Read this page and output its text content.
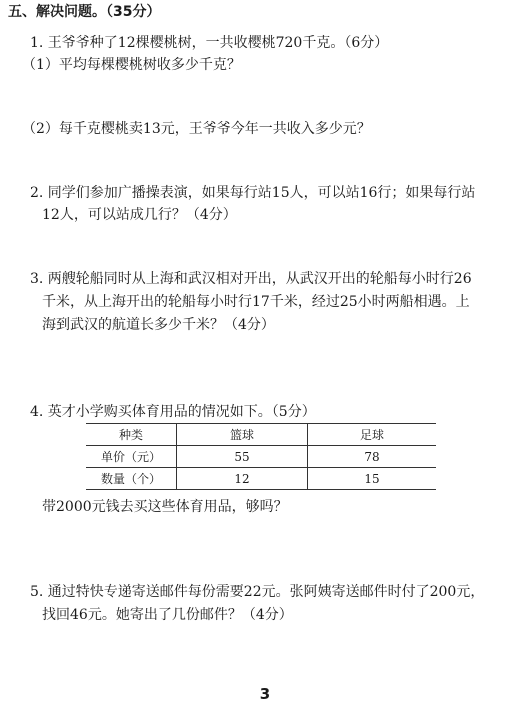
五、解决问题。（35分）
1. 王爷爷种了12棵樱桃树，一共收樱桃720千克。（6分）
（1）平均每棵樱桃树收多少千克？
（2）每千克樱桃卖13元，王爷爷今年一共收入多少元？
2. 同学们参加广播操表演，如果每行站15人，可以站16行；如果每行站
12人，可以站成几行？（4分）
3. 两艘轮船同时从上海和武汉相对开出，从武汉开出的轮船每小时行26
千米，从上海开出的轮船每小时行17千米，经过25小时两船相遇。上
海到武汉的航道长多少千米？（4分）
4. 英才小学购买体育用品的情况如下。（5分）
种类	篮球	足球
单价（元）	55	78
数量（个）	12	15
带2000元钱去买这些体育用品，够吗？
5. 通过特快专递寄送邮件每份需要22元。张阿姨寄送邮件时付了200元，
找回46元。她寄出了几份邮件？（4分）
3
